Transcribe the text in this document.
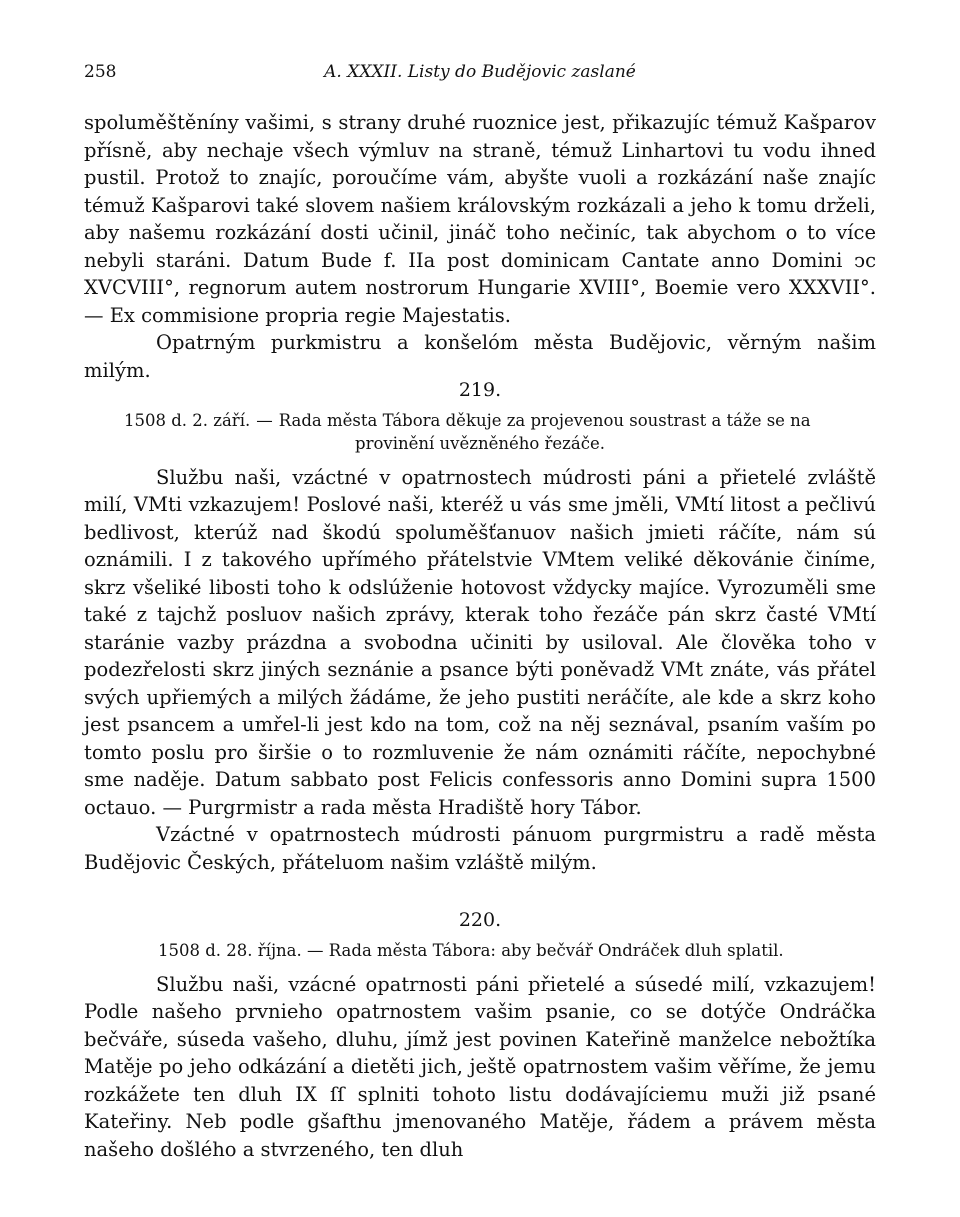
258	A. XXXII. Listy do Budějovic zaslané

spoluměštěníny vašimi, s strany druhé ruoznice jest, přikazujíc témuž Kašparov přísně, aby nechaje všech výmluv na straně, témuž Linhartovi tu vodu ihned pustil. Protož to znajíc, poroučíme vám, abyšte vuoli a rozkázání naše znajíc témuž Kašparovi také slovem našiem královským rozkázali a jeho k tomu drželi, aby našemu rozkázání dosti učinil, jináč toho nečiníc, tak abychom o to více nebyli staráni. Datum Bude f. IIa post dominicam Cantate anno Domini ↄc XVCVIII°, regnorum autem nostrorum Hungarie XVIII°, Boemie vero XXXVII°. — Ex commisione propria regie Majestatis.

Opatrným purkmistru a konšelóm města Budějovic, věrným našim milým.

219.

1508 d. 2. září. — Rada města Tábora děkuje za projevenou soustrast a táže se na
provinění uvězněného řezáče.

Službu naši, vzáctné v opatrnostech múdrosti páni a přietelé zvláště milí, VMti vzkazujem! Poslové naši, kteréž u vás sme jměli, VMtí litost a pečlivú bedlivost, kterúž nad škodú spoluměšťanuov našich jmieti ráčíte, nám sú oznámili. I z takového upřímého přátelstvie VMtem veliké děkovánie činíme, skrz všeliké libosti toho k odslúženie hotovost vždycky majíce. Vyrozuměli sme také z tajchž posluov našich zprávy, kterak toho řezáče pán skrz časté VMtí staránie vazby prázdna a svobodna učiniti by usiloval. Ale člověka toho v podezřelosti skrz jiných seznánie a psance býti poněvadž VMt znáte, vás přátel svých upřiemých a milých žádáme, že jeho pustiti neráčíte, ale kde a skrz koho jest psancem a umřel-li jest kdo na tom, což na něj seznával, psaním vaším po tomto poslu pro širšie o to rozmluvenie že nám oznámiti ráčíte, nepochybné sme naděje. Datum sabbato post Felicis confessoris anno Domini supra 1500 octauo. — Purgrmistr a rada města Hradiště hory Tábor.

Vzáctné v opatrnostech múdrosti pánuom purgrmistru a radě města Budějovic Českých, přáteluom našim vzláště milým.

220.

1508 d. 28. října. — Rada města Tábora: aby bečvář Ondráček dluh splatil.

Službu naši, vzácné opatrnosti páni přietelé a súsedé milí, vzkazujem! Podle našeho prvnieho opatrnostem vašim psanie, co se dotýče Ondráčka bečvářе, súseda vašeho, dluhu, jímž jest povinen Kateřině manželce nebožtíka Matěje po jeho odkázání a dietěti jich, ještě opatrnostem vašim věříme, že jemu rozkážete ten dluh IX ſſ splniti tohoto listu dodávajíciemu muži již psané Kateřiny. Neb podle gšafthu jmenovaného Matěje, řádem a právem města našeho došlého a stvrzeného, ten dluh
